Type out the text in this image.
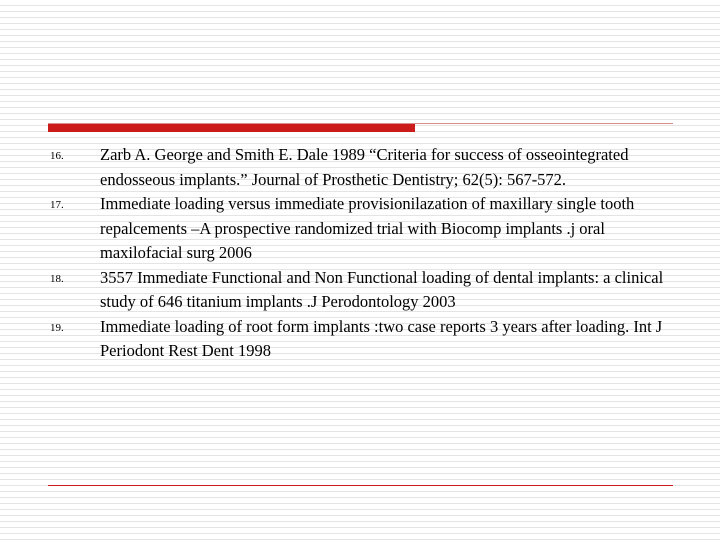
16. Zarb A. George and Smith E. Dale 1989 “Criteria for success of osseointegrated endosseous implants.” Journal of Prosthetic Dentistry; 62(5): 567-572.
17. Immediate loading versus immediate provisionilazation of maxillary single tooth repalcements –A prospective randomized trial with Biocomp implants .j oral maxilofacial surg 2006
18. 3557 Immediate Functional and Non Functional loading of dental implants: a clinical study of 646 titanium implants .J Perodontology 2003
19. Immediate loading of root form implants :two case reports 3 years after loading. Int J Periodont Rest Dent 1998
